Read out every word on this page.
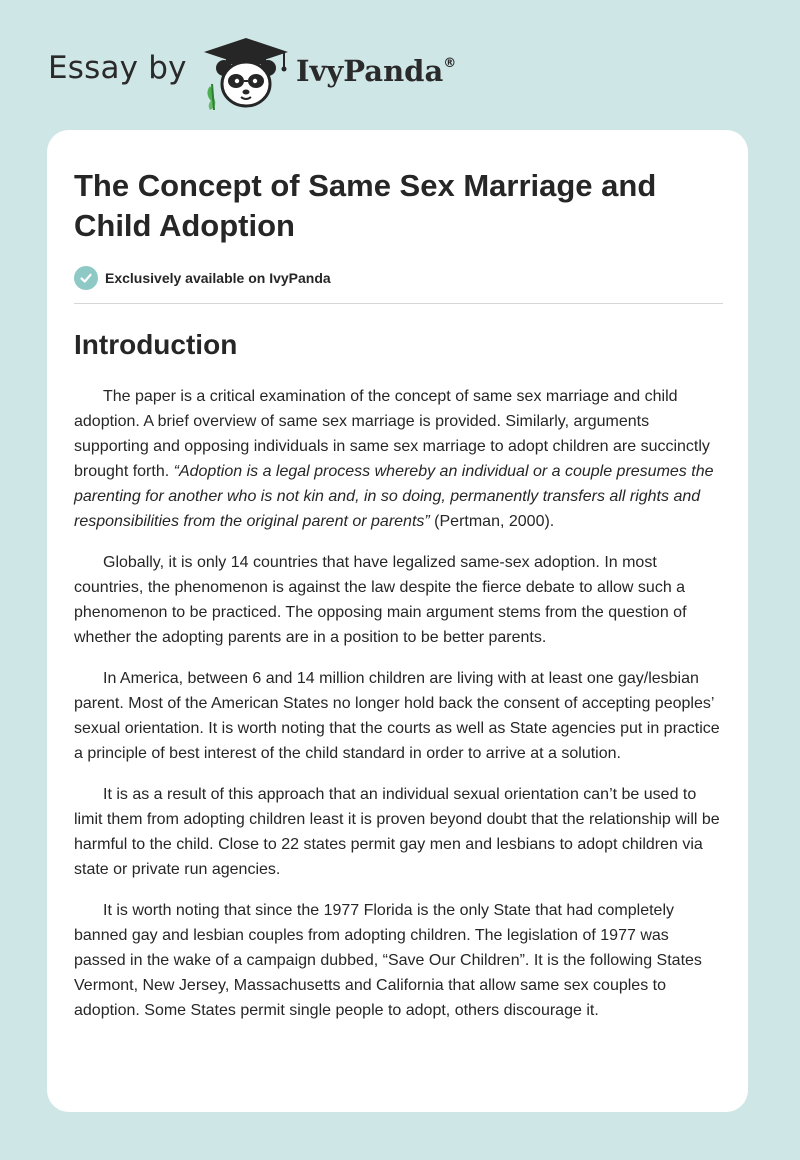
Essay by	IvyPanda®
The Concept of Same Sex Marriage and Child Adoption
Exclusively available on IvyPanda
Introduction

The paper is a critical examination of the concept of same sex marriage and child adoption. A brief overview of same sex marriage is provided. Similarly, arguments supporting and opposing individuals in same sex marriage to adopt children are succinctly brought forth. “Adoption is a legal process whereby an individual or a couple presumes the parenting for another who is not kin and, in so doing, permanently transfers all rights and responsibilities from the original parent or parents” (Pertman, 2000).

Globally, it is only 14 countries that have legalized same-sex adoption. In most countries, the phenomenon is against the law despite the fierce debate to allow such a phenomenon to be practiced. The opposing main argument stems from the question of whether the adopting parents are in a position to be better parents.

In America, between 6 and 14 million children are living with at least one gay/lesbian parent. Most of the American States no longer hold back the consent of accepting peoples’ sexual orientation. It is worth noting that the courts as well as State agencies put in practice a principle of best interest of the child standard in order to arrive at a solution.

It is as a result of this approach that an individual sexual orientation can’t be used to limit them from adopting children least it is proven beyond doubt that the relationship will be harmful to the child. Close to 22 states permit gay men and lesbians to adopt children via state or private run agencies.

It is worth noting that since the 1977 Florida is the only State that had completely banned gay and lesbian couples from adopting children. The legislation of 1977 was passed in the wake of a campaign dubbed, “Save Our Children”. It is the following States Vermont, New Jersey, Massachusetts and California that allow same sex couples to adoption. Some States permit single people to adopt, others discourage it.
